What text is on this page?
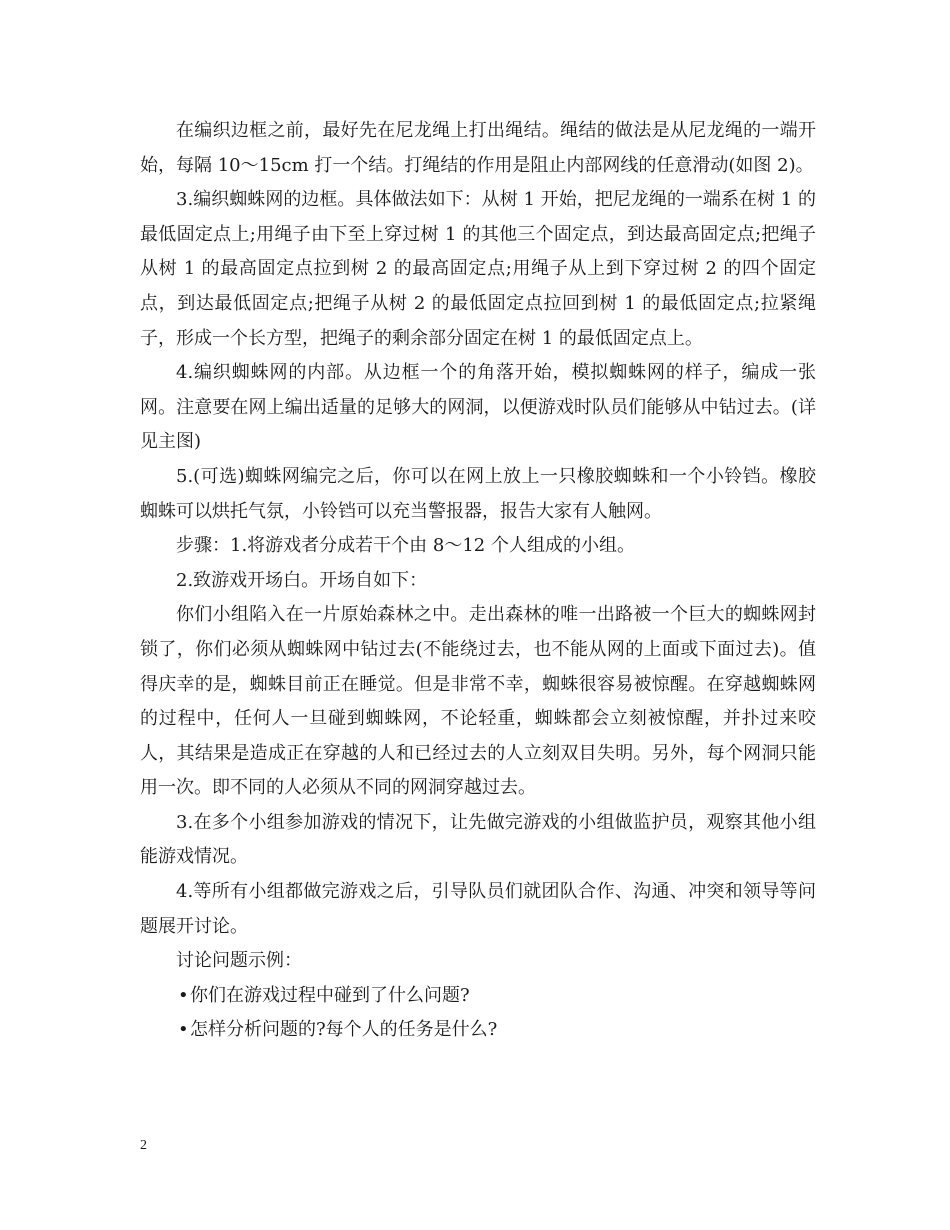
在编织边框之前，最好先在尼龙绳上打出绳结。绳结的做法是从尼龙绳的一端开始，每隔 10～15cm 打一个结。打绳结的作用是阻止内部网线的任意滑动(如图 2)。

3.编织蜘蛛网的边框。具体做法如下：从树 1 开始，把尼龙绳的一端系在树 1 的最低固定点上;用绳子由下至上穿过树 1 的其他三个固定点，到达最高固定点;把绳子从树 1 的最高固定点拉到树 2 的最高固定点;用绳子从上到下穿过树 2 的四个固定点，到达最低固定点;把绳子从树 2 的最低固定点拉回到树 1 的最低固定点;拉紧绳子，形成一个长方型，把绳子的剩余部分固定在树 1 的最低固定点上。

4.编织蜘蛛网的内部。从边框一个的角落开始，模拟蜘蛛网的样子，编成一张网。注意要在网上编出适量的足够大的网洞，以便游戏时队员们能够从中钻过去。(详见主图)

5.(可选)蜘蛛网编完之后，你可以在网上放上一只橡胶蜘蛛和一个小铃铛。橡胶蜘蛛可以烘托气氛，小铃铛可以充当警报器，报告大家有人触网。

步骤：1.将游戏者分成若干个由 8～12 个人组成的小组。

2.致游戏开场白。开场自如下：

你们小组陷入在一片原始森林之中。走出森林的唯一出路被一个巨大的蜘蛛网封锁了，你们必须从蜘蛛网中钻过去(不能绕过去，也不能从网的上面或下面过去)。值得庆幸的是，蜘蛛目前正在睡觉。但是非常不幸，蜘蛛很容易被惊醒。在穿越蜘蛛网的过程中，任何人一旦碰到蜘蛛网，不论轻重，蜘蛛都会立刻被惊醒，并扑过来咬人，其结果是造成正在穿越的人和已经过去的人立刻双目失明。另外，每个网洞只能用一次。即不同的人必须从不同的网洞穿越过去。

3.在多个小组参加游戏的情况下，让先做完游戏的小组做监护员，观察其他小组能游戏情况。

4.等所有小组都做完游戏之后，引导队员们就团队合作、沟通、冲突和领导等问题展开讨论。

讨论问题示例：

•你们在游戏过程中碰到了什么问题?

•怎样分析问题的?每个人的任务是什么?

2
